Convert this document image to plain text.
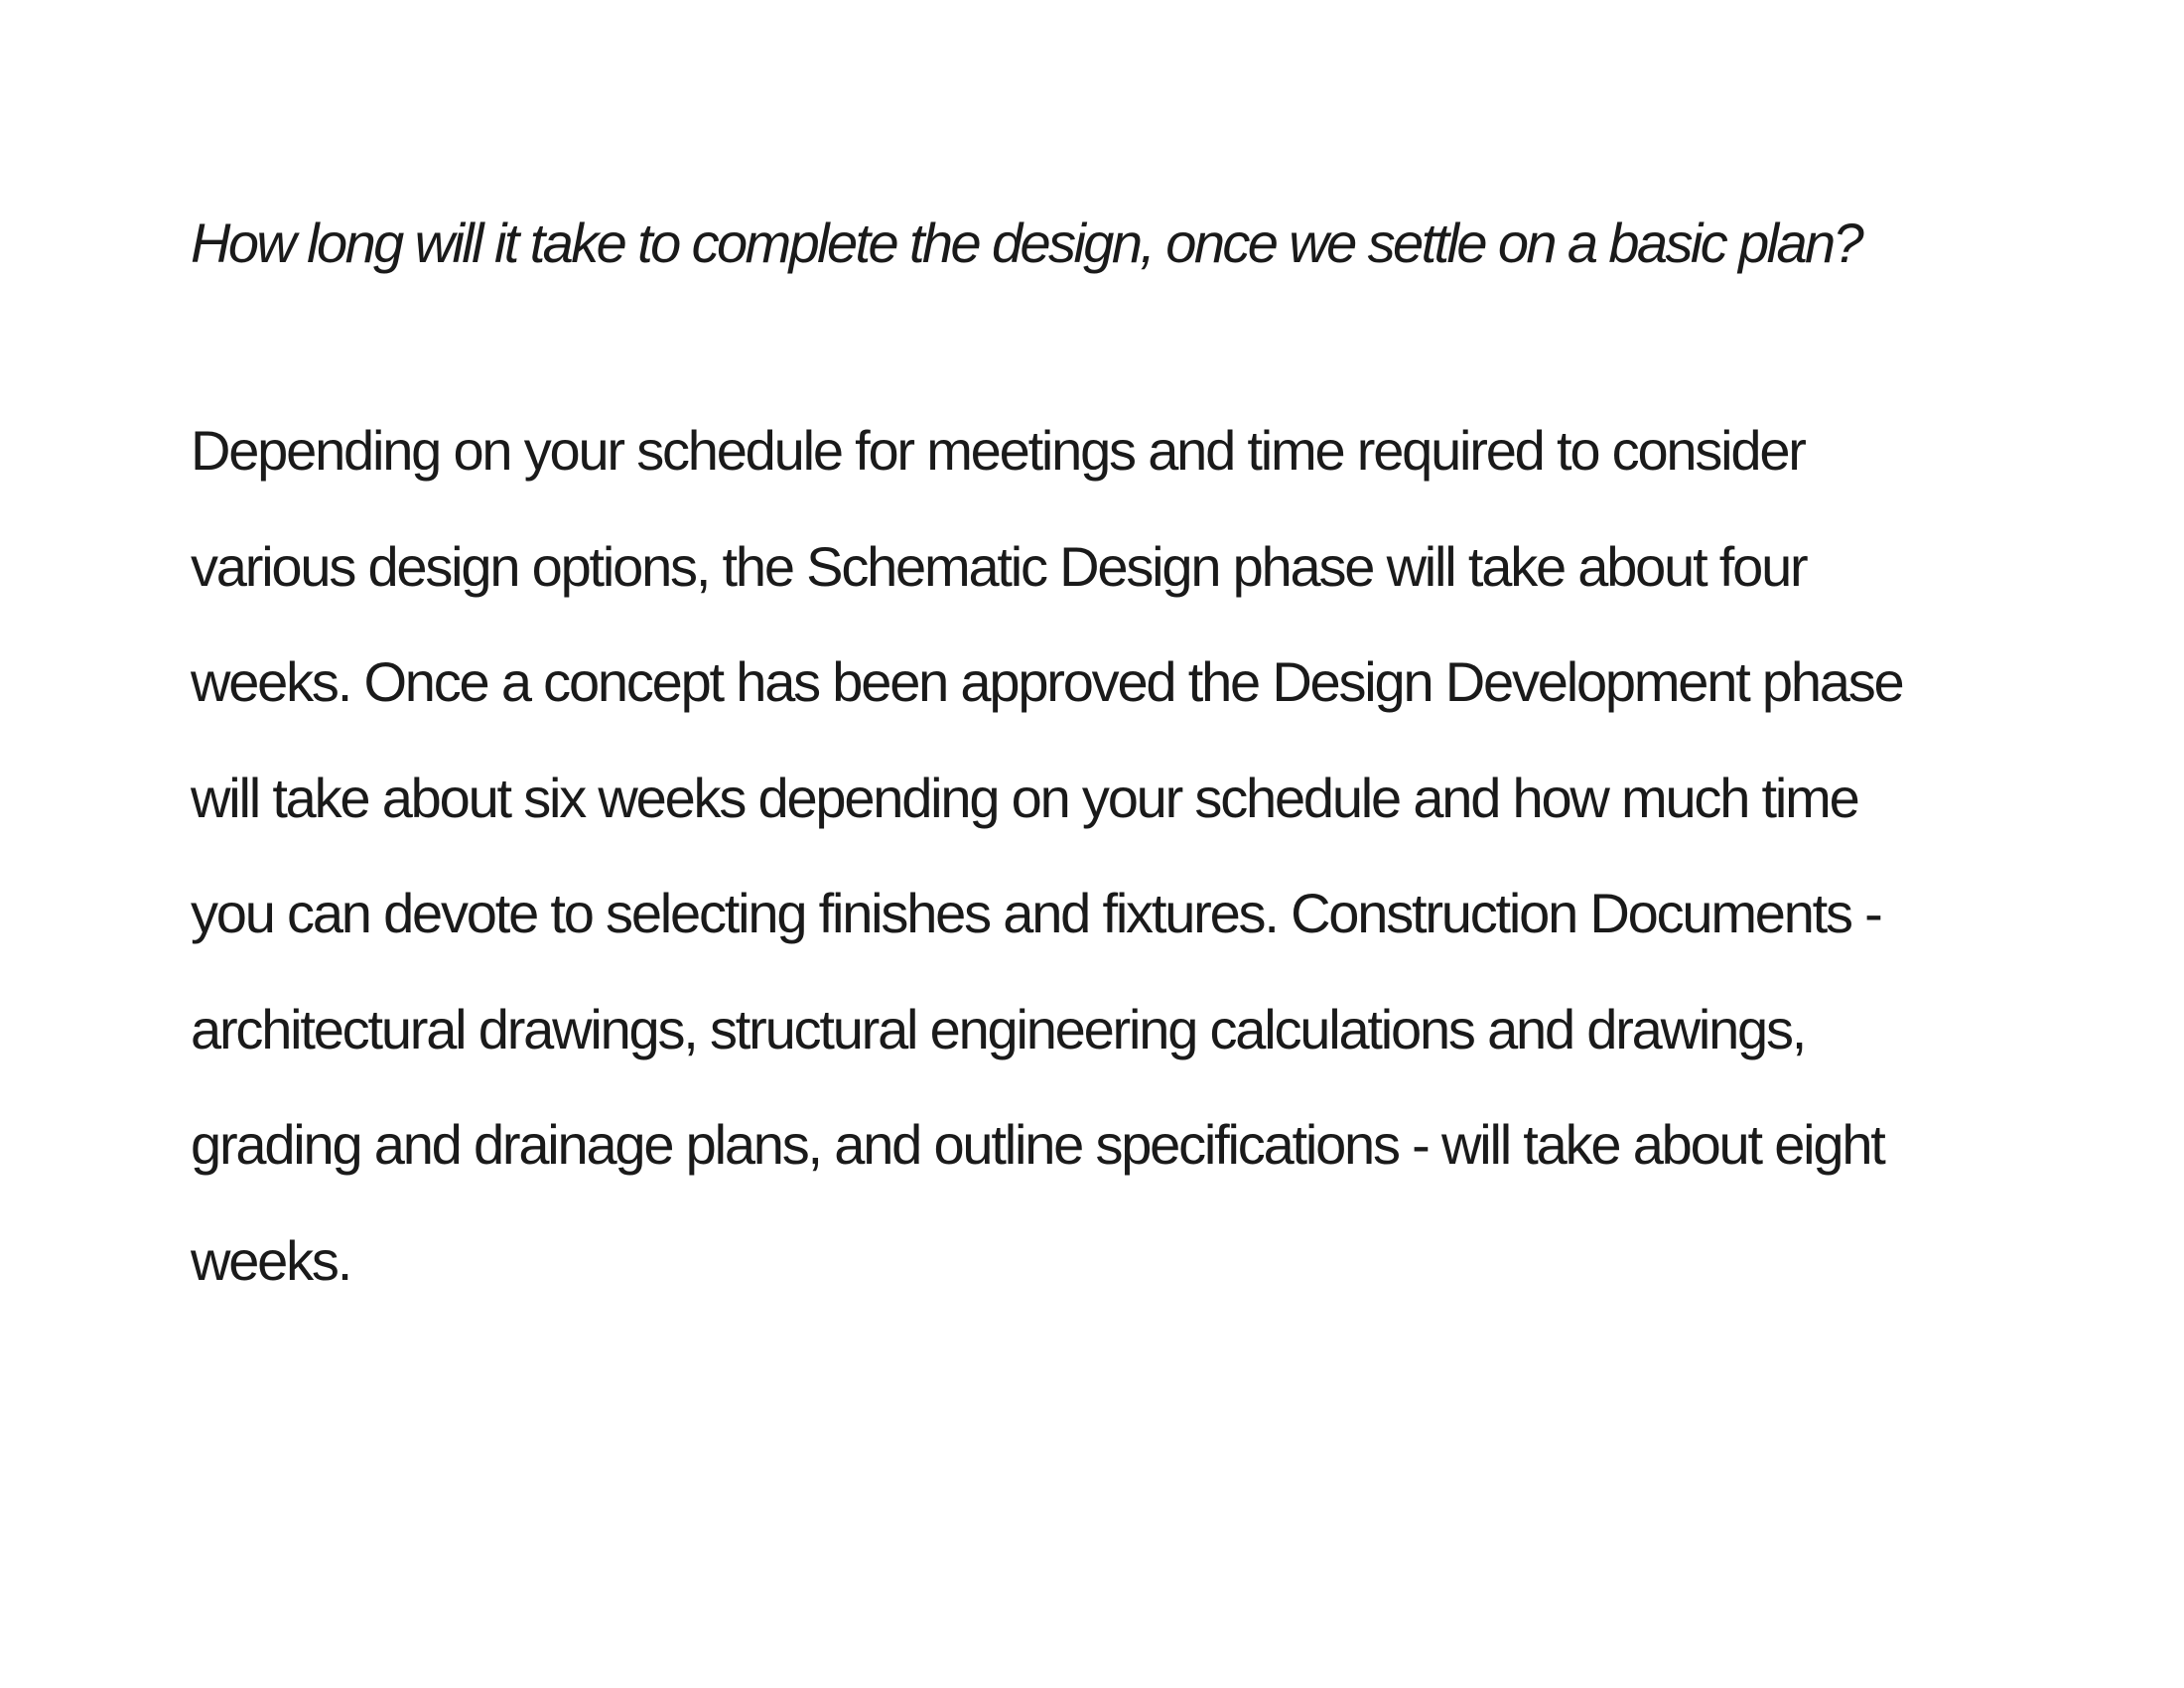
How long will it take to complete the design, once we settle on a basic plan?

Depending on your schedule for meetings and time required to consider
various design options, the Schematic Design phase will take about four
weeks. Once a concept has been approved the Design Development phase
will take about six weeks depending on your schedule and how much time
you can devote to selecting finishes and fixtures. Construction Documents -
architectural drawings, structural engineering calculations and drawings,
grading and drainage plans, and outline specifications - will take about eight
weeks.
